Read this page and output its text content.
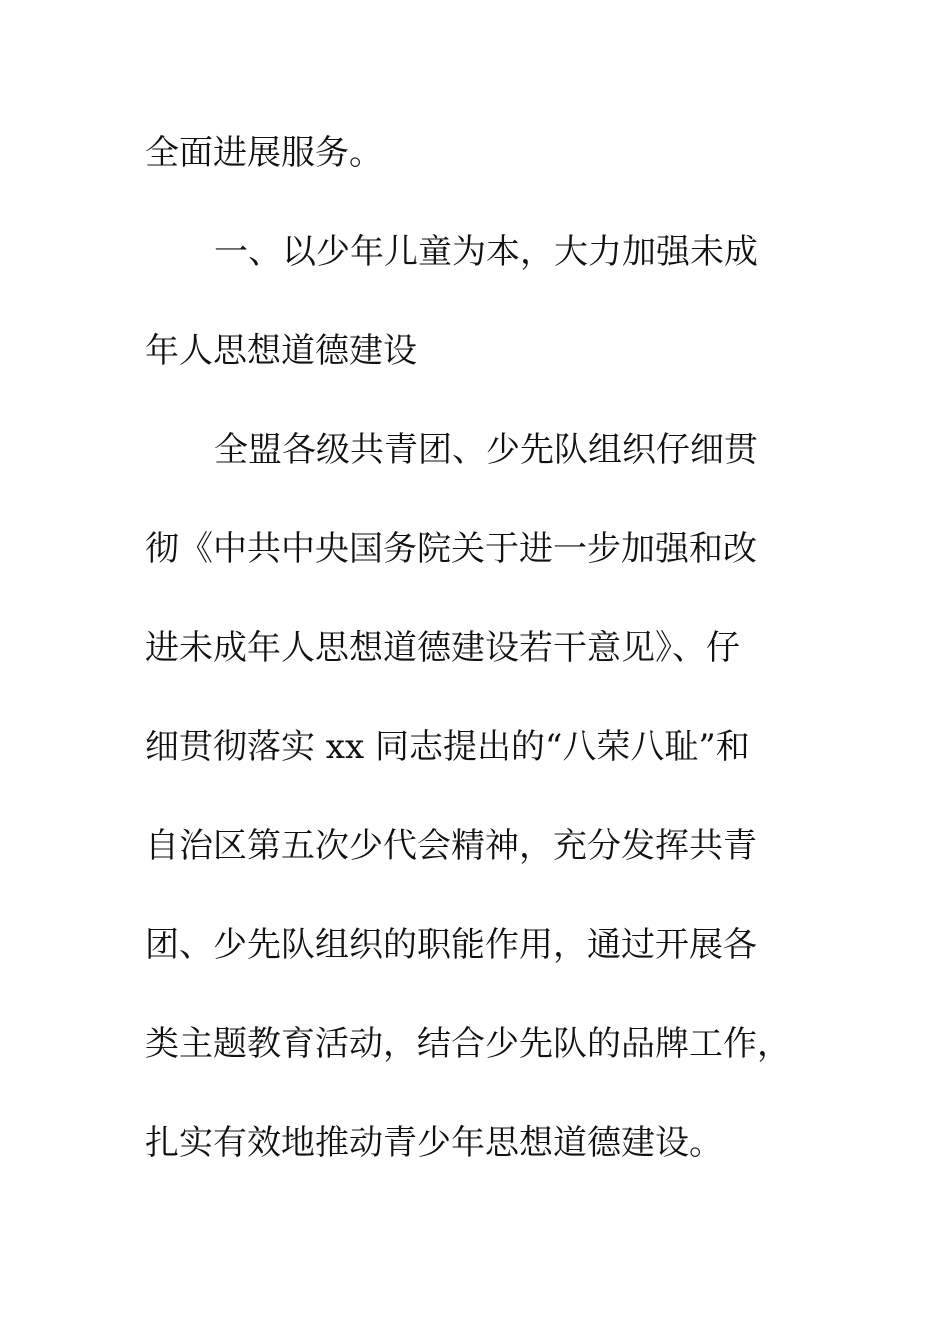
全面进展服务。
一、以少年儿童为本，大力加强未成
年人思想道德建设
全盟各级共青团、少先队组织仔细贯
彻《中共中央国务院关于进一步加强和改
进未成年人思想道德建设若干意见》、仔
细贯彻落实 xx 同志提出的“八荣八耻”和
自治区第五次少代会精神，充分发挥共青
团、少先队组织的职能作用，通过开展各
类主题教育活动，结合少先队的品牌工作，
扎实有效地推动青少年思想道德建设。
